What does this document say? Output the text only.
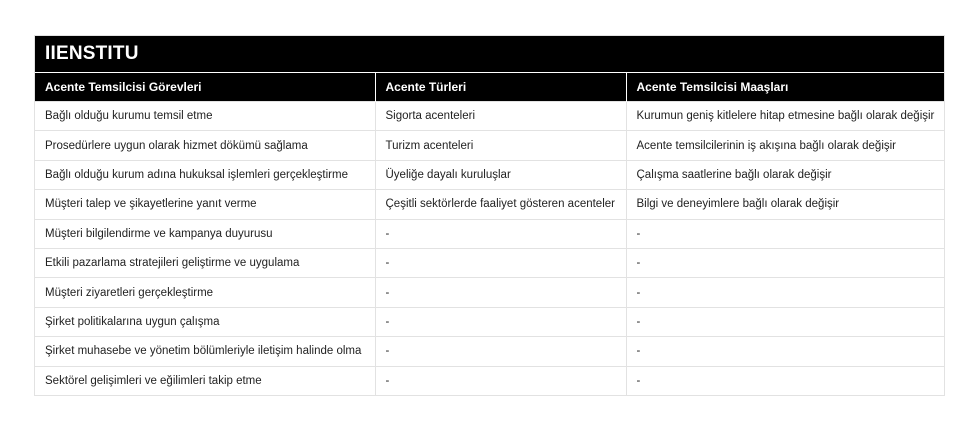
IIENSTITU
Acente Temsilcisi Görevleri	Acente Türleri	Acente Temsilcisi Maaşları
Bağlı olduğu kurumu temsil etme	Sigorta acenteleri	Kurumun geniş kitlelere hitap etmesine bağlı olarak değişir
Prosedürlere uygun olarak hizmet dökümü sağlama	Turizm acenteleri	Acente temsilcilerinin iş akışına bağlı olarak değişir
Bağlı olduğu kurum adına hukuksal işlemleri gerçekleştirme	Üyeliğe dayalı kuruluşlar	Çalışma saatlerine bağlı olarak değişir
Müşteri talep ve şikayetlerine yanıt verme	Çeşitli sektörlerde faaliyet gösteren acenteler	Bilgi ve deneyimlere bağlı olarak değişir
Müşteri bilgilendirme ve kampanya duyurusu	-	-
Etkili pazarlama stratejileri geliştirme ve uygulama	-	-
Müşteri ziyaretleri gerçekleştirme	-	-
Şirket politikalarına uygun çalışma	-	-
Şirket muhasebe ve yönetim bölümleriyle iletişim halinde olma	-	-
Sektörel gelişimleri ve eğilimleri takip etme	-	-
